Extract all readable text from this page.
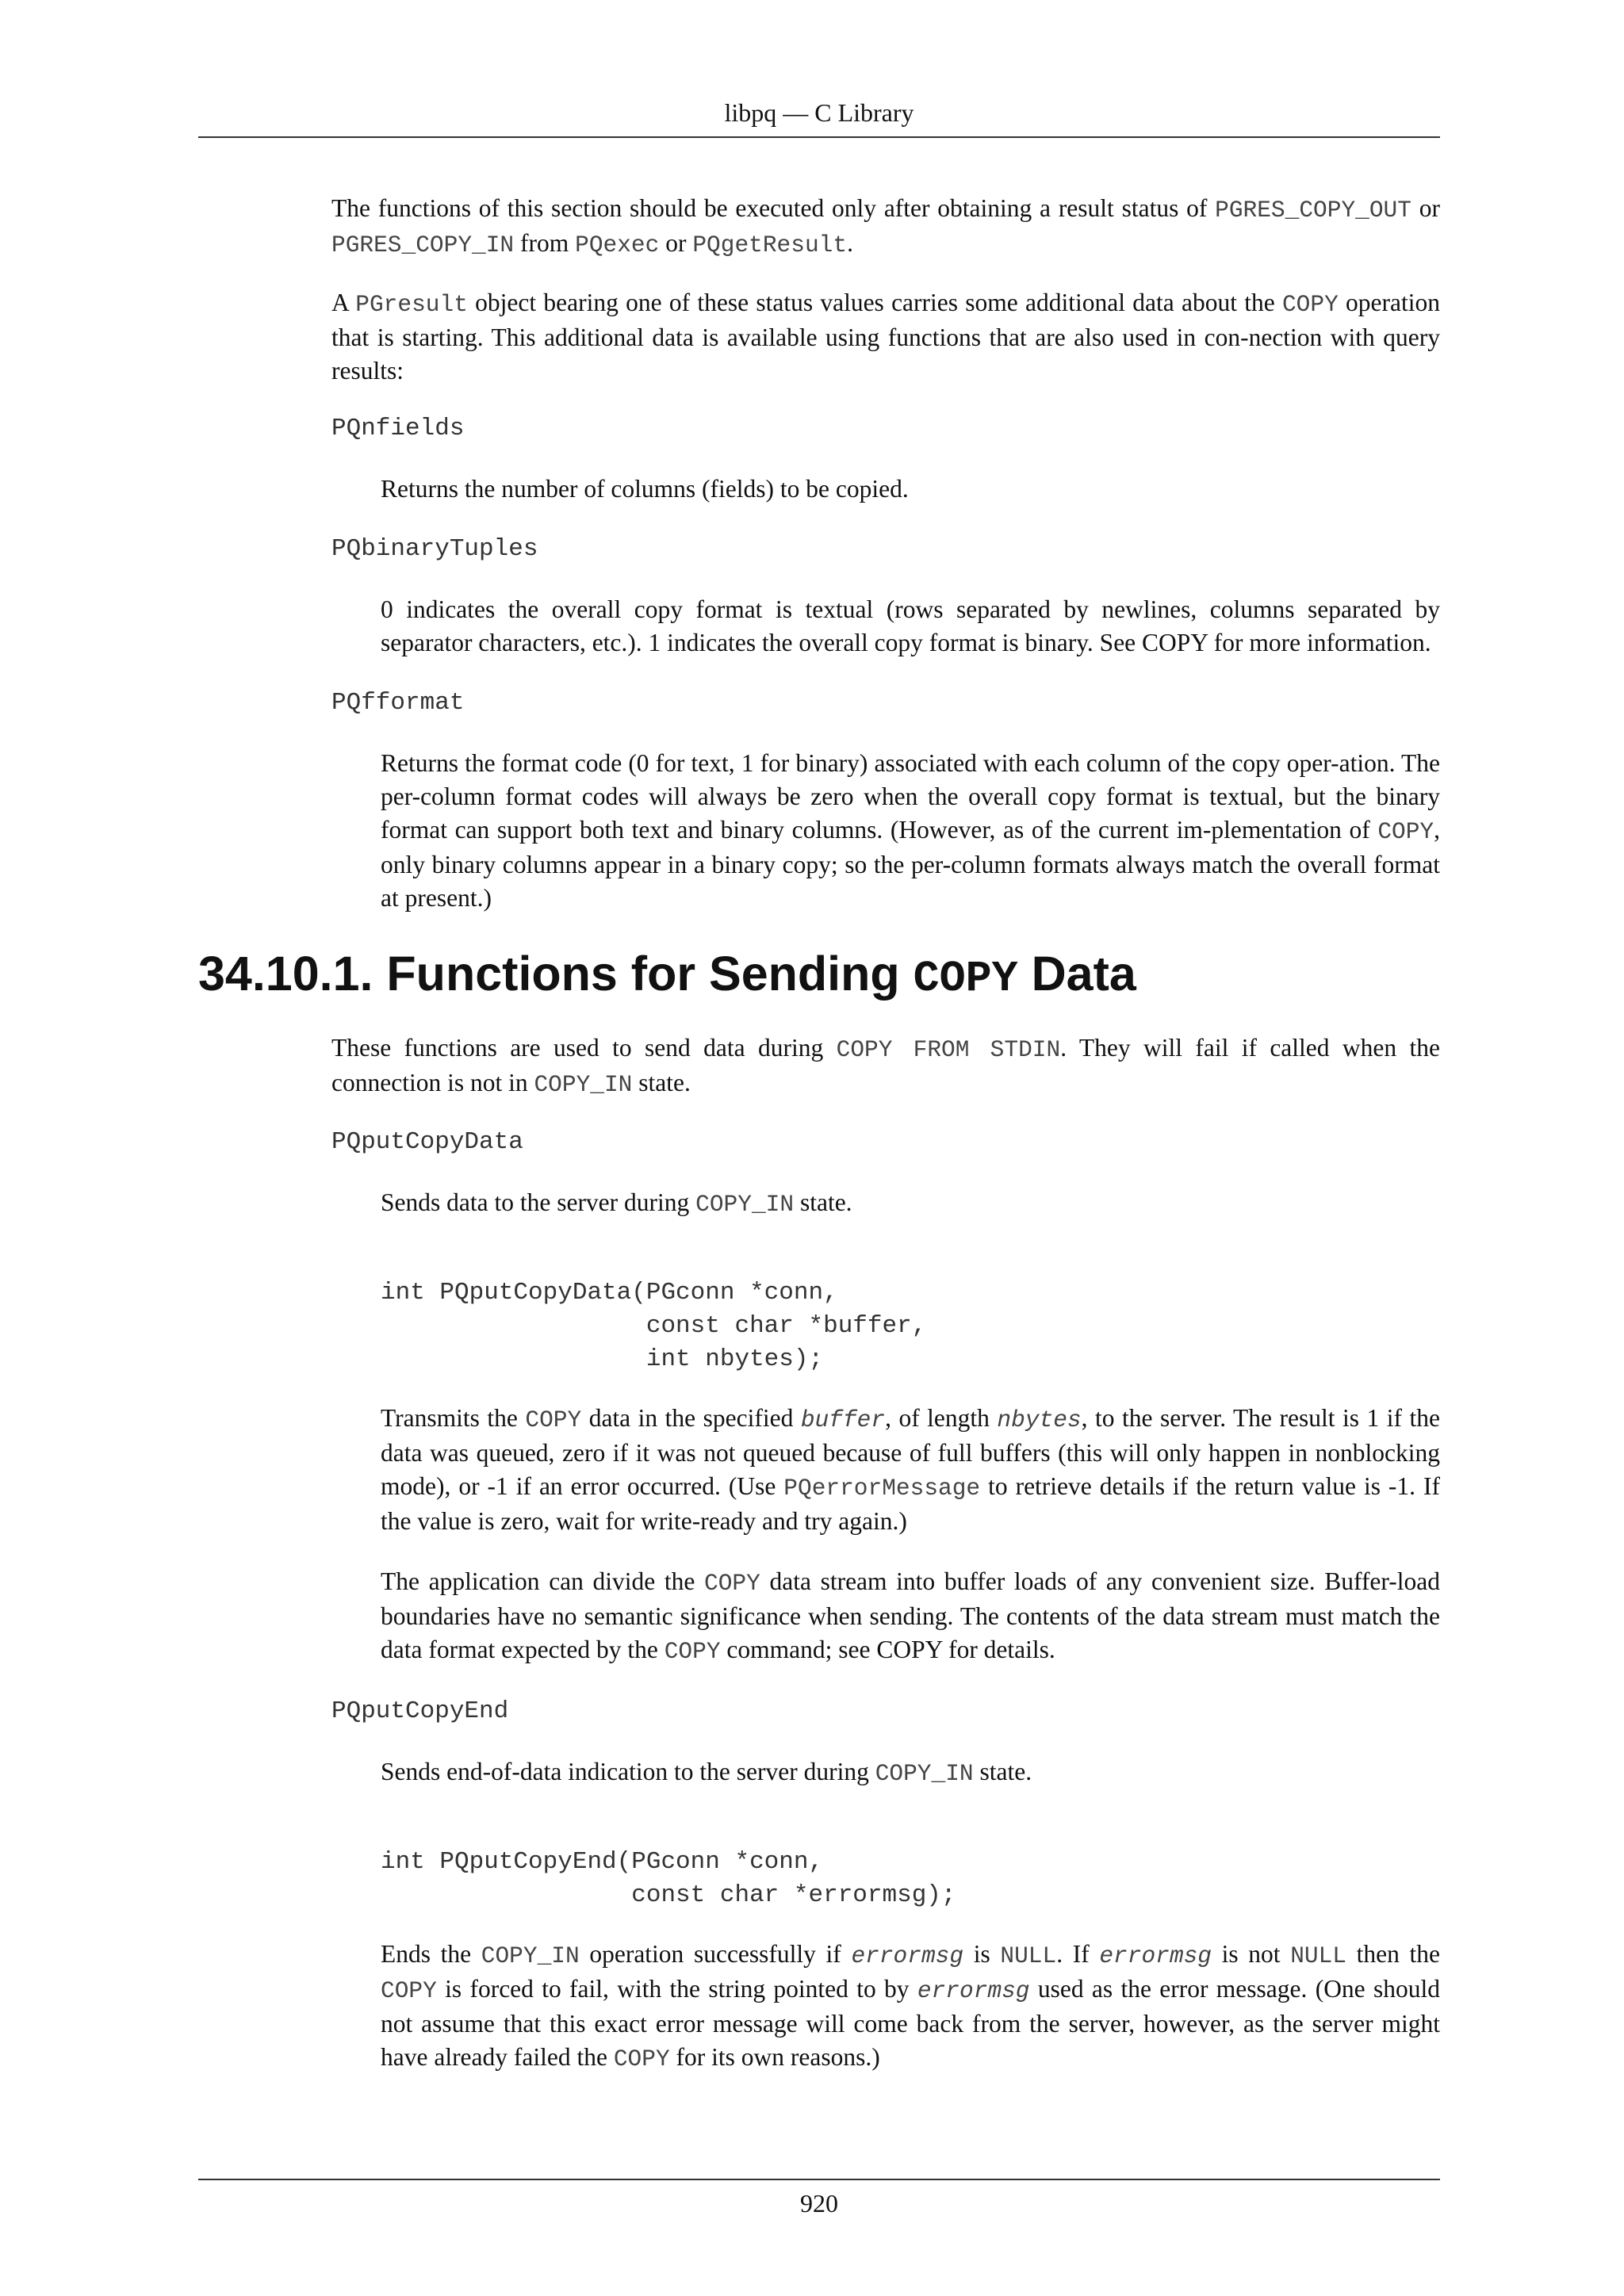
libpq — C Library

The functions of this section should be executed only after obtaining a result status of PGRES_COPY_OUT or PGRES_COPY_IN from PQexec or PQgetResult.

A PGresult object bearing one of these status values carries some additional data about the COPY operation that is starting. This additional data is available using functions that are also used in con-nection with query results:

PQnfields

Returns the number of columns (fields) to be copied.

PQbinaryTuples

0 indicates the overall copy format is textual (rows separated by newlines, columns separated by separator characters, etc.). 1 indicates the overall copy format is binary. See COPY for more information.

PQfformat

Returns the format code (0 for text, 1 for binary) associated with each column of the copy oper-ation. The per-column format codes will always be zero when the overall copy format is textual, but the binary format can support both text and binary columns. (However, as of the current im-plementation of COPY, only binary columns appear in a binary copy; so the per-column formats always match the overall format at present.)

34.10.1. Functions for Sending COPY Data

These functions are used to send data during COPY FROM STDIN. They will fail if called when the connection is not in COPY_IN state.

PQputCopyData

Sends data to the server during COPY_IN state.

int PQputCopyData(PGconn *conn,
const char *buffer,
int nbytes);

Transmits the COPY data in the specified buffer, of length nbytes, to the server. The result is 1 if the data was queued, zero if it was not queued because of full buffers (this will only happen in nonblocking mode), or -1 if an error occurred. (Use PQerrorMessage to retrieve details if the return value is -1. If the value is zero, wait for write-ready and try again.)

The application can divide the COPY data stream into buffer loads of any convenient size. Buffer-load boundaries have no semantic significance when sending. The contents of the data stream must match the data format expected by the COPY command; see COPY for details.

PQputCopyEnd

Sends end-of-data indication to the server during COPY_IN state.

int PQputCopyEnd(PGconn *conn,
const char *errormsg);

Ends the COPY_IN operation successfully if errormsg is NULL. If errormsg is not NULL then the COPY is forced to fail, with the string pointed to by errormsg used as the error message. (One should not assume that this exact error message will come back from the server, however, as the server might have already failed the COPY for its own reasons.)

920
